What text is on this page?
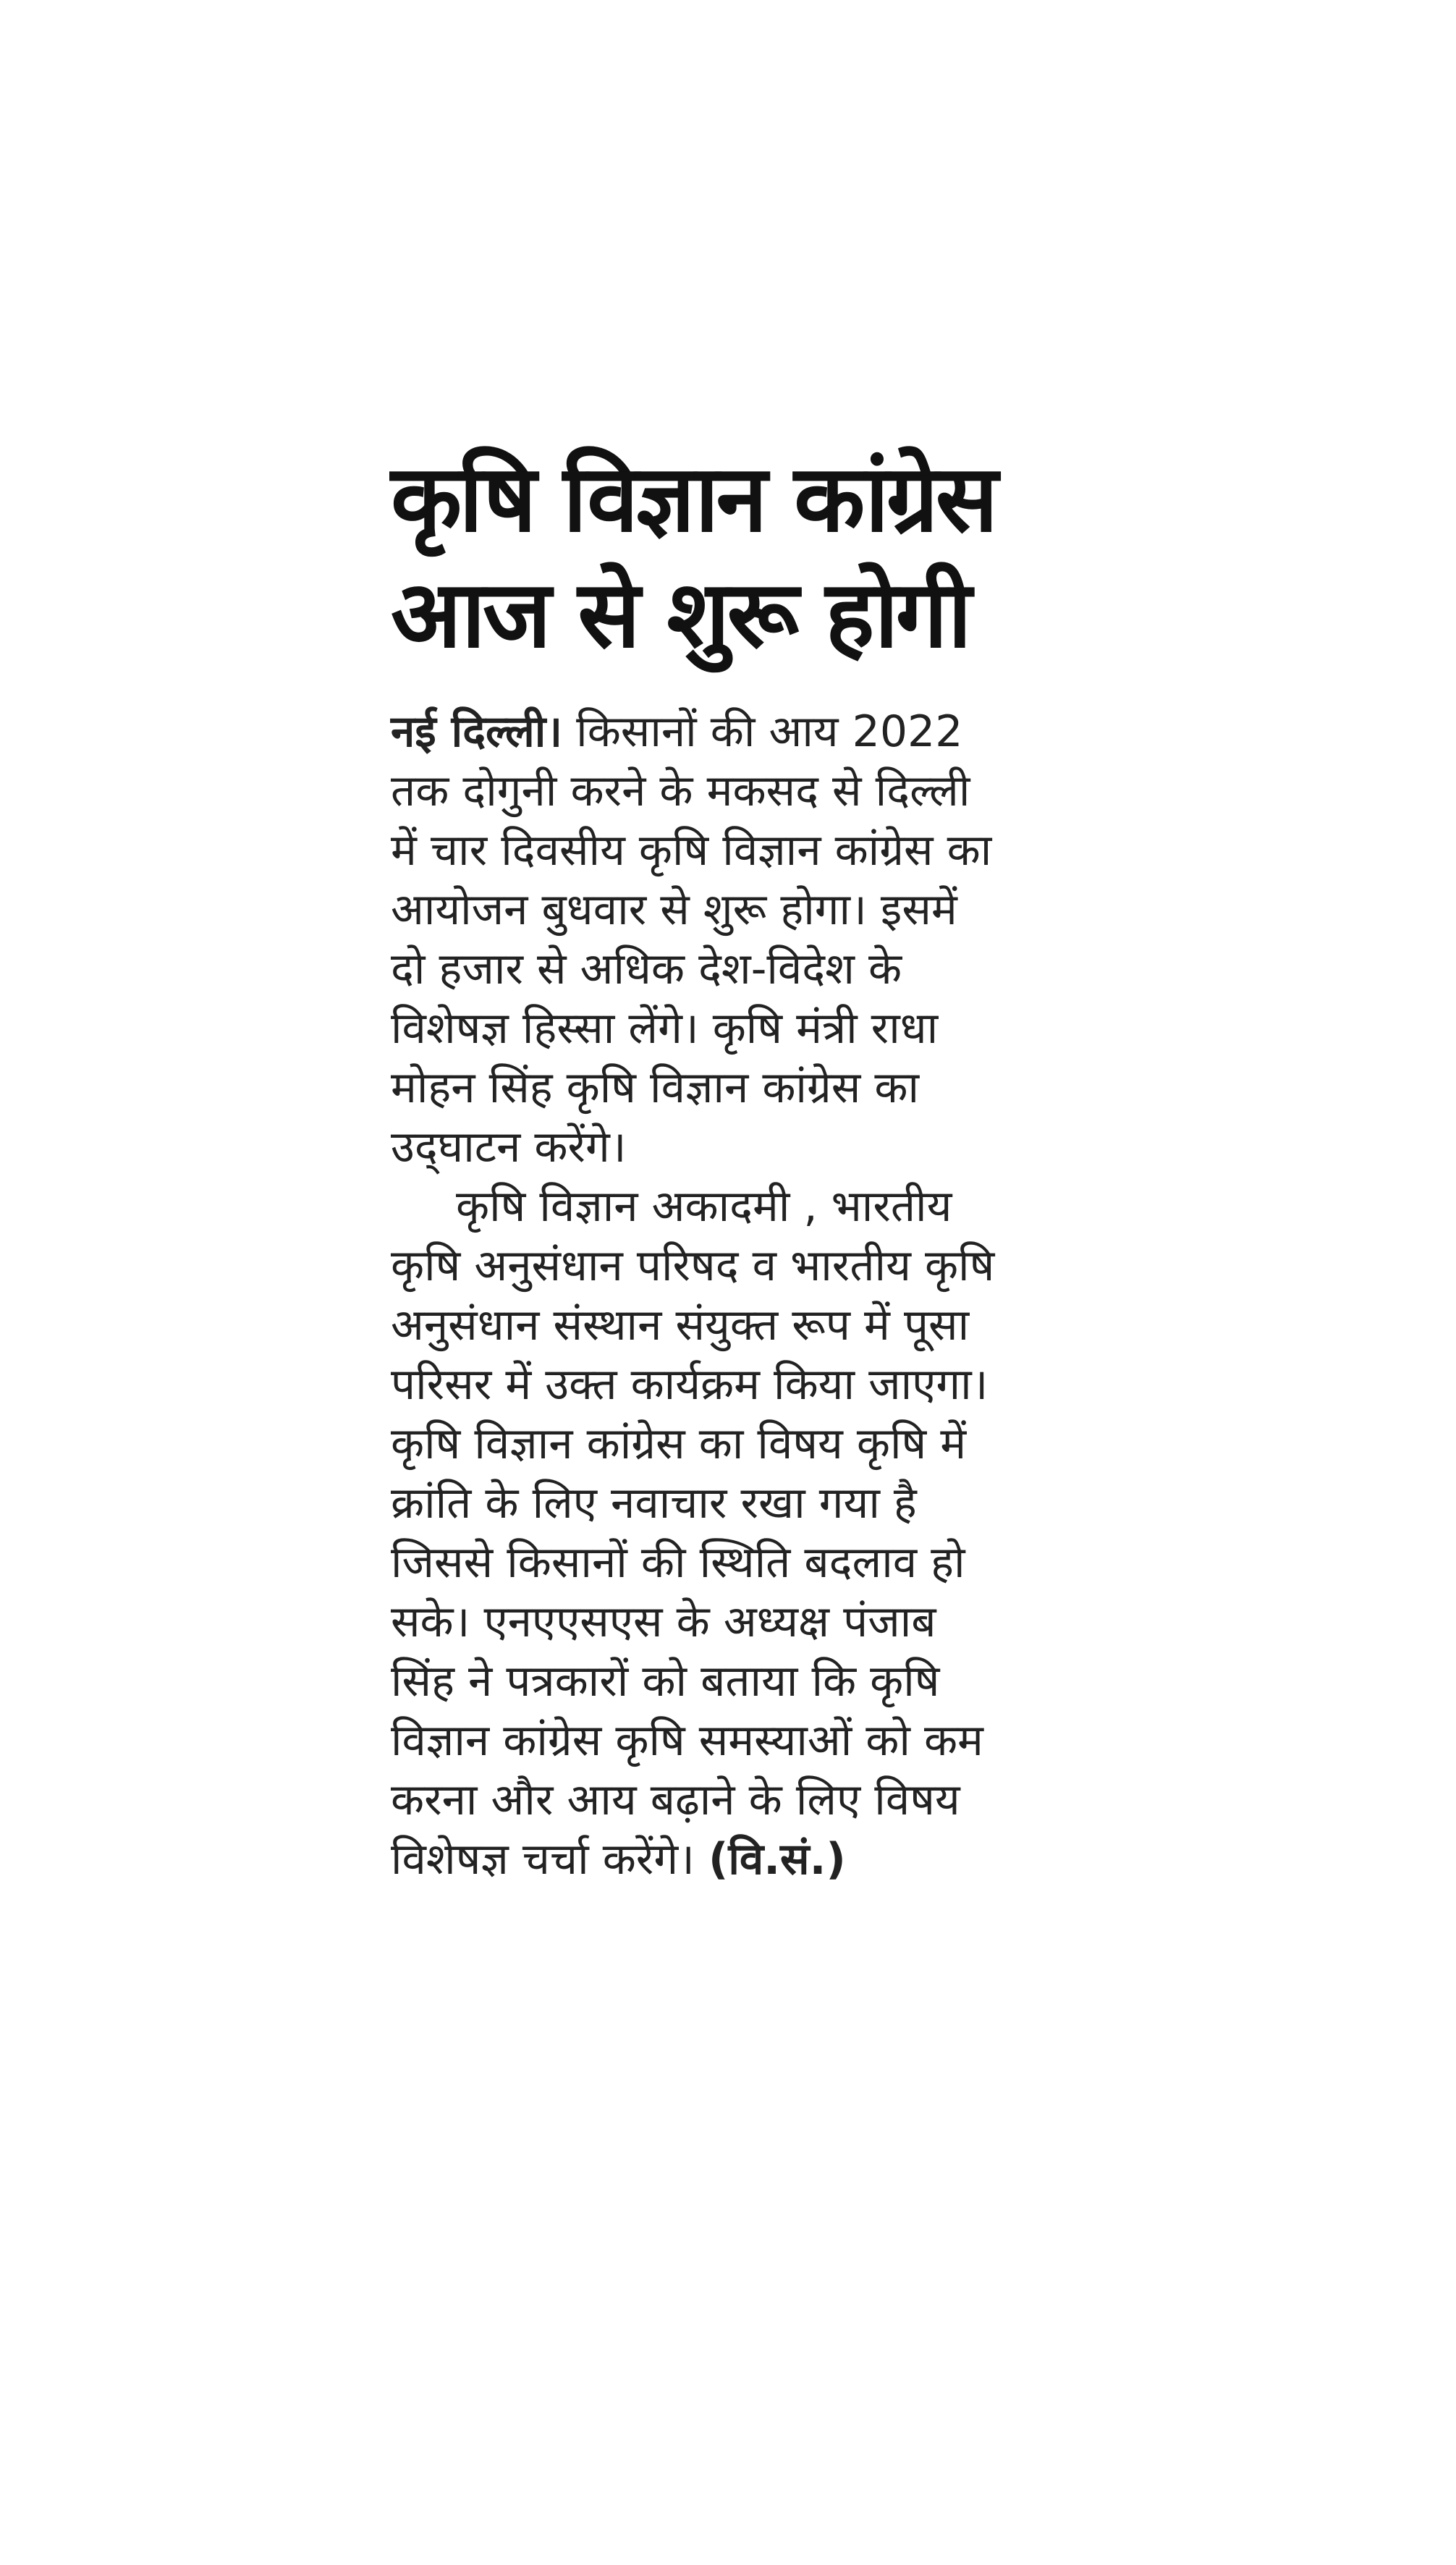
कृषि विज्ञान कांग्रेस
आज से शुरू होगी
नई दिल्ली। किसानों की आय 2022
तक दोगुनी करने के मकसद से दिल्ली
में चार दिवसीय कृषि विज्ञान कांग्रेस का
आयोजन बुधवार से शुरू होगा। इसमें
दो हजार से अधिक देश-विदेश के
विशेषज्ञ हिस्सा लेंगे। कृषि मंत्री राधा
मोहन सिंह कृषि विज्ञान कांग्रेस का
उद्‌घाटन करेंगे।
कृषि विज्ञान अकादमी , भारतीय
कृषि अनुसंधान परिषद व भारतीय कृषि
अनुसंधान संस्थान संयुक्त रूप में पूसा
परिसर में उक्त कार्यक्रम किया जाएगा।
कृषि विज्ञान कांग्रेस का विषय कृषि में
क्रांति के लिए नवाचार रखा गया है
जिससे किसानों की स्थिति बदलाव हो
सके। एनएएसएस के अध्यक्ष पंजाब
सिंह ने पत्रकारों को बताया कि कृषि
विज्ञान कांग्रेस कृषि समस्याओं को कम
करना और आय बढ़ाने के लिए विषय
विशेषज्ञ चर्चा करेंगे। (वि.सं.)
